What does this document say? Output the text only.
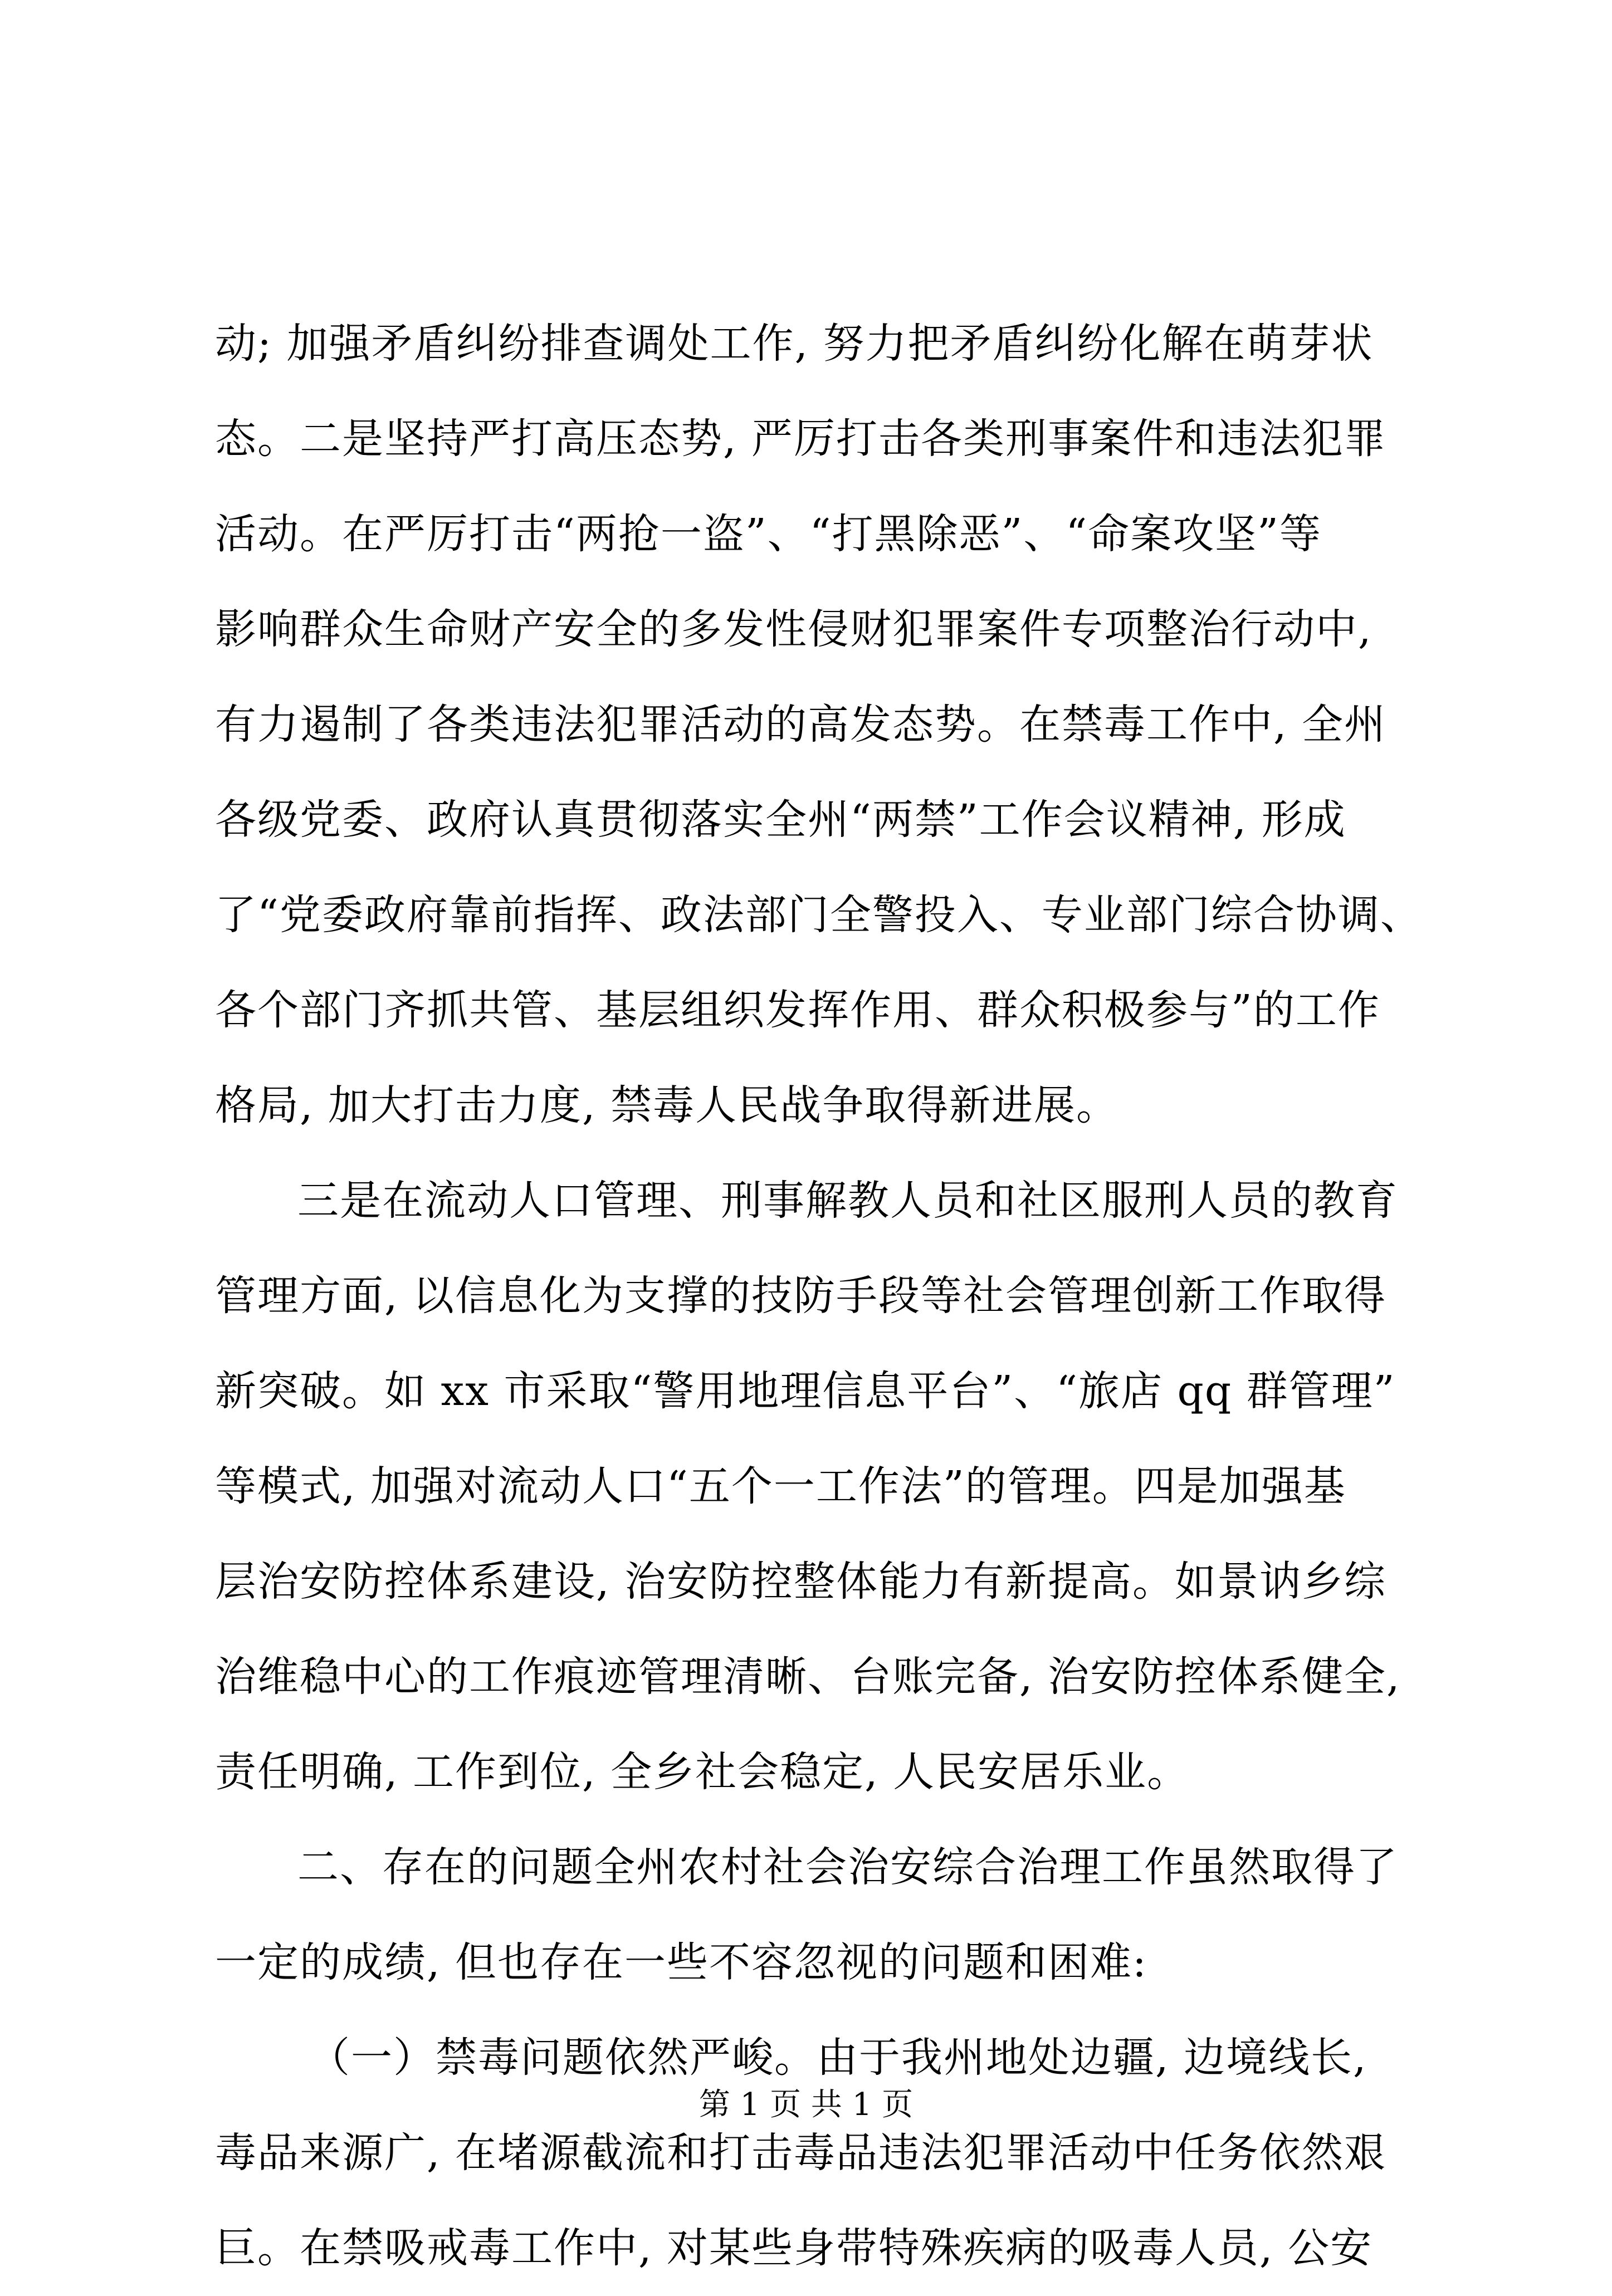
动; 加强矛盾纠纷排查调处工作, 努力把矛盾纠纷化解在萌芽状
态。二是坚持严打高压态势, 严厉打击各类刑事案件和违法犯罪
活动。在严厉打击“两抢一盗”、“打黑除恶”、“命案攻坚”等
影响群众生命财产安全的多发性侵财犯罪案件专项整治行动中,
有力遏制了各类违法犯罪活动的高发态势。在禁毒工作中, 全州
各级党委、政府认真贯彻落实全州“两禁”工作会议精神, 形成
了“党委政府靠前指挥、政法部门全警投入、专业部门综合协调、
各个部门齐抓共管、基层组织发挥作用、群众积极参与”的工作
格局, 加大打击力度, 禁毒人民战争取得新进展。
三是在流动人口管理、刑事解教人员和社区服刑人员的教育
管理方面, 以信息化为支撑的技防手段等社会管理创新工作取得
新突破。如 xx 市采取“警用地理信息平台”、“旅店 qq 群管理”
等模式, 加强对流动人口“五个一工作法”的管理。四是加强基
层治安防控体系建设, 治安防控整体能力有新提高。如景讷乡综
治维稳中心的工作痕迹管理清晰、台账完备, 治安防控体系健全,
责任明确, 工作到位, 全乡社会稳定, 人民安居乐业。
二、存在的问题全州农村社会治安综合治理工作虽然取得了
一定的成绩, 但也存在一些不容忽视的问题和困难:
（一）禁毒问题依然严峻。由于我州地处边疆, 边境线长,
毒品来源广, 在堵源截流和打击毒品违法犯罪活动中任务依然艰
巨。在禁吸戒毒工作中, 对某些身带特殊疾病的吸毒人员, 公安
第 1 页 共 1 页
